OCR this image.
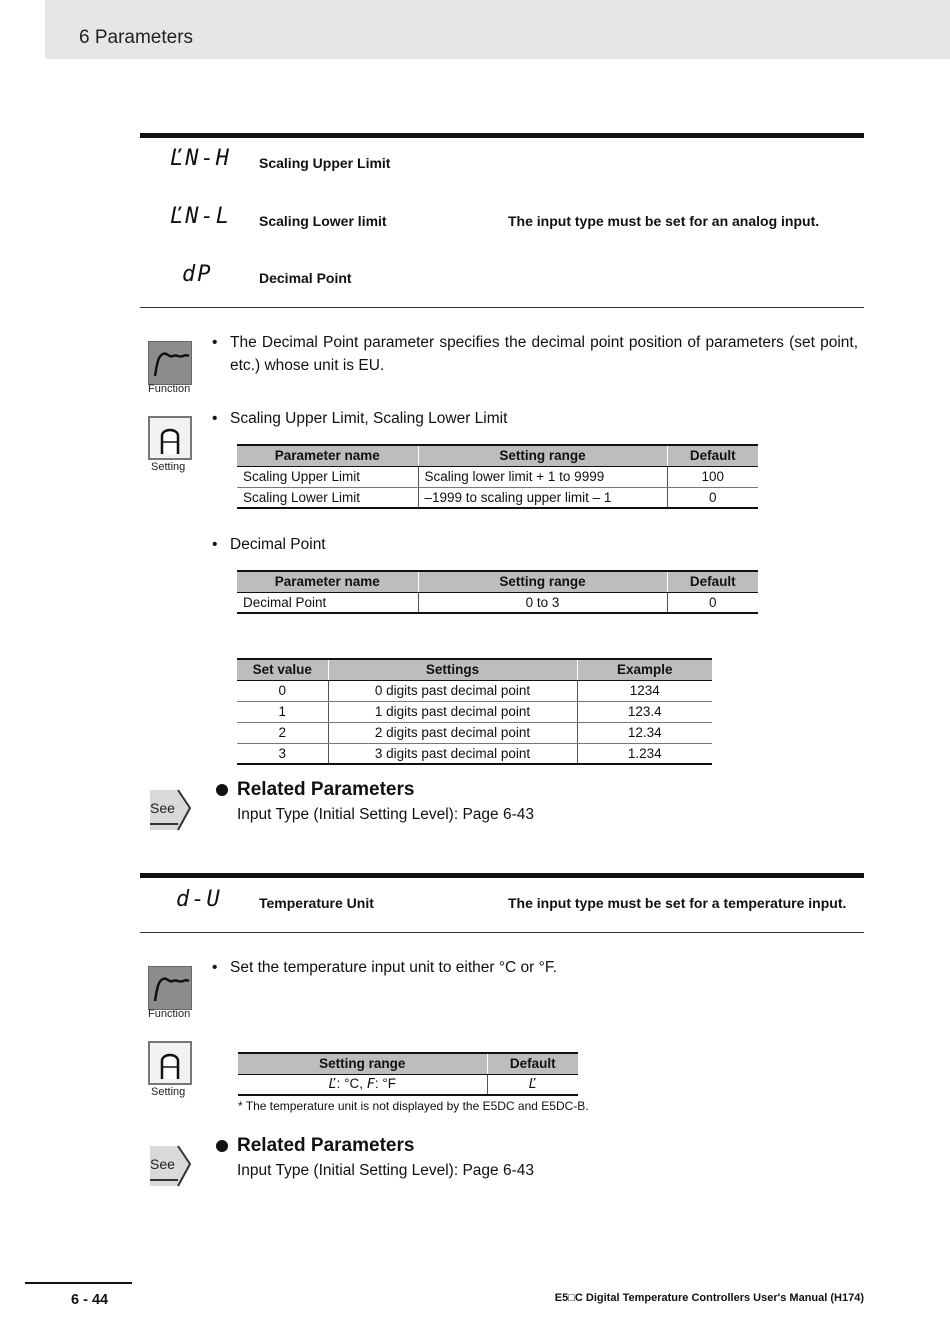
6 Parameters
ĽN-H Scaling Upper Limit
ĽN-L Scaling Lower limit	The input type must be set for an analog input.
dP	Decimal Point
Function
Setting
• The Decimal Point parameter specifies the decimal point position of parameters (set point, etc.) whose unit is EU.
• Scaling Upper Limit, Scaling Lower Limit
Parameter name	Setting range	Default
Scaling Upper Limit	Scaling lower limit + 1 to 9999	100
Scaling Lower Limit	–1999 to scaling upper limit – 1	0
• Decimal Point
Parameter name	Setting range	Default
Decimal Point	0 to 3	0
Set value	Settings	Example
0	0 digits past decimal point	1234
1	1 digits past decimal point	123.4
2	2 digits past decimal point	12.34
3	3 digits past decimal point	1.234
See
Related Parameters
Input Type (Initial Setting Level): Page 6-43
d-U	Temperature Unit	The input type must be set for a temperature input.
Function
Setting
• Set the temperature input unit to either °C or °F.
Setting range	Default
Ľ: °C, F: °F	Ľ
* The temperature unit is not displayed by the E5DC and E5DC-B.
See
Related Parameters
Input Type (Initial Setting Level): Page 6-43
6 - 44	E5□C Digital Temperature Controllers User's Manual (H174)
